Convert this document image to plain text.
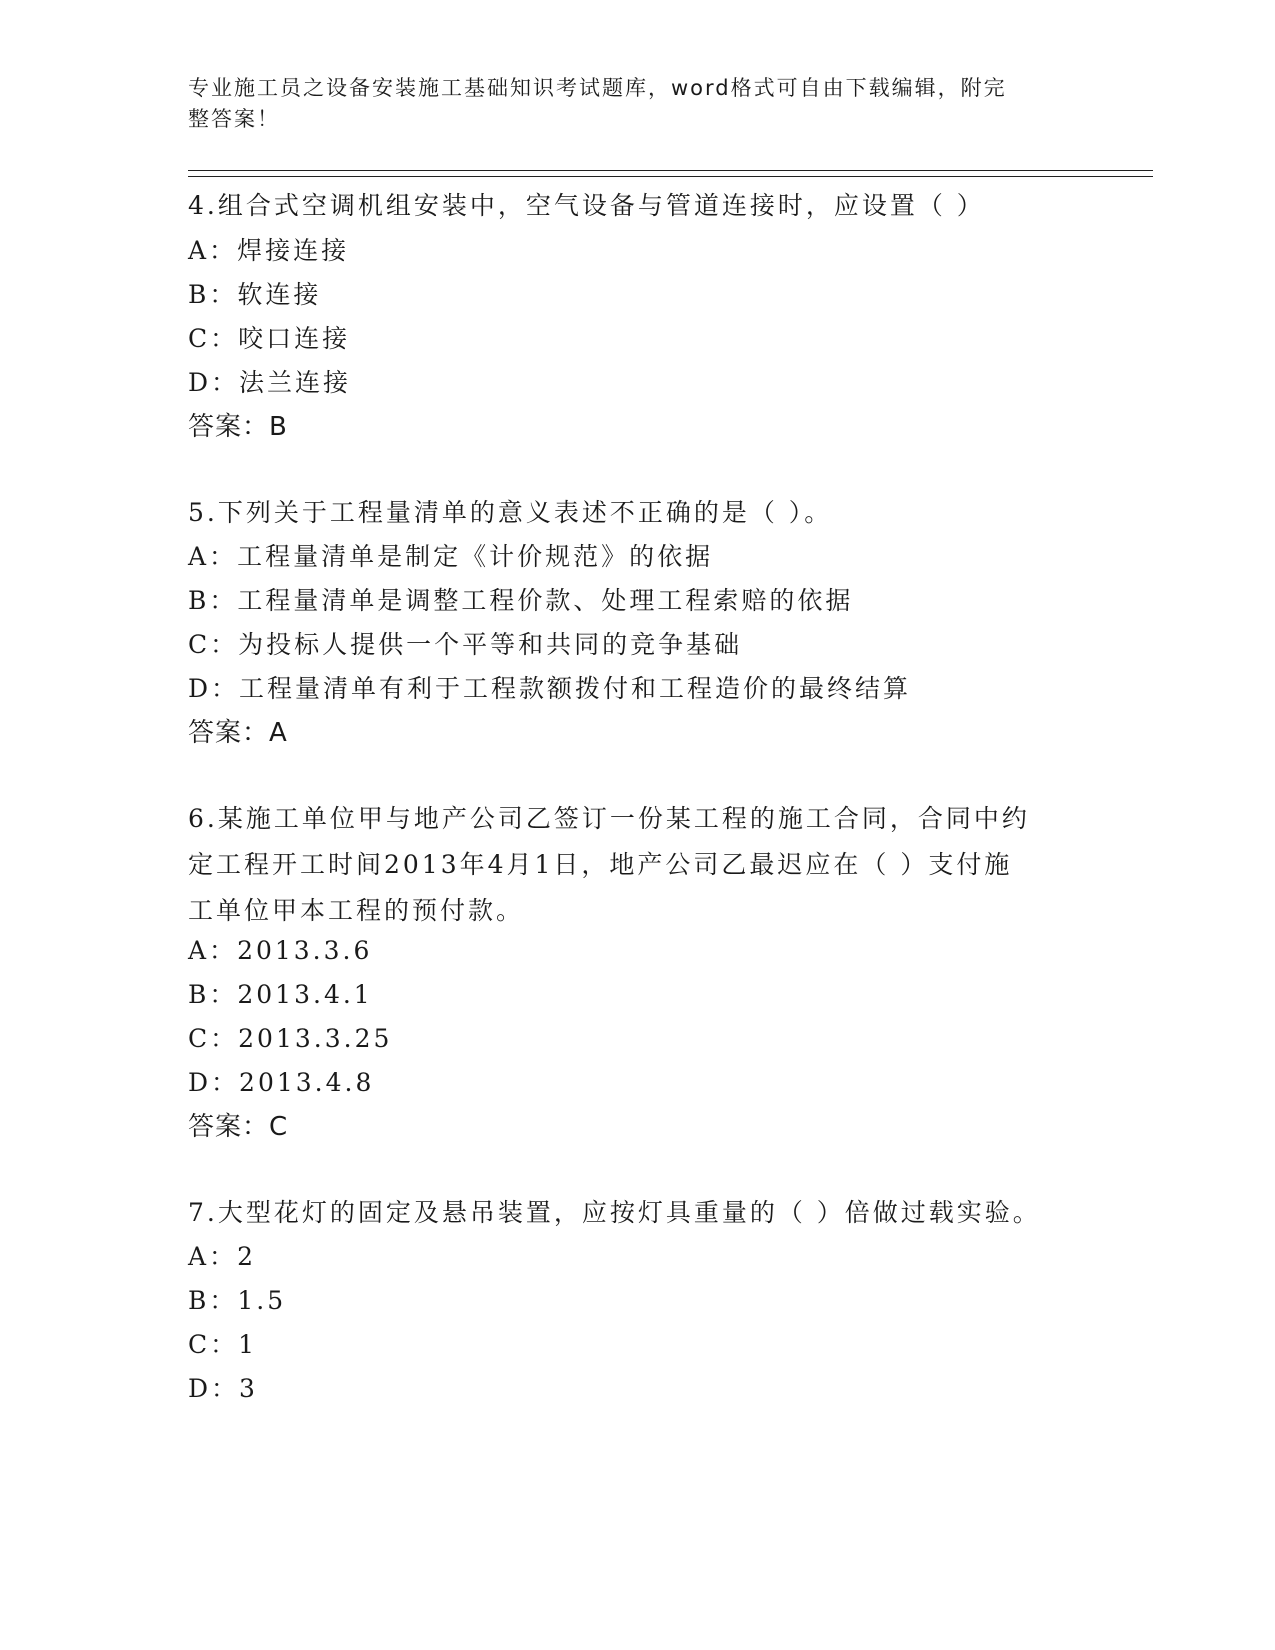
专业施工员之设备安装施工基础知识考试题库，word格式可自由下载编辑，附完
整答案！
4.组合式空调机组安装中，空气设备与管道连接时，应设置（ ）
A：焊接连接
B：软连接
C：咬口连接
D：法兰连接
答案：B
5.下列关于工程量清单的意义表述不正确的是（ ）。
A：工程量清单是制定《计价规范》的依据
B：工程量清单是调整工程价款、处理工程索赔的依据
C：为投标人提供一个平等和共同的竞争基础
D：工程量清单有利于工程款额拨付和工程造价的最终结算
答案：A
6.某施工单位甲与地产公司乙签订一份某工程的施工合同，合同中约
定工程开工时间2013年4月1日，地产公司乙最迟应在（ ）支付施
工单位甲本工程的预付款。
A：2013.3.6
B：2013.4.1
C：2013.3.25
D：2013.4.8
答案：C
7.大型花灯的固定及悬吊装置，应按灯具重量的（ ）倍做过载实验。
A：2
B：1.5
C：1
D：3
